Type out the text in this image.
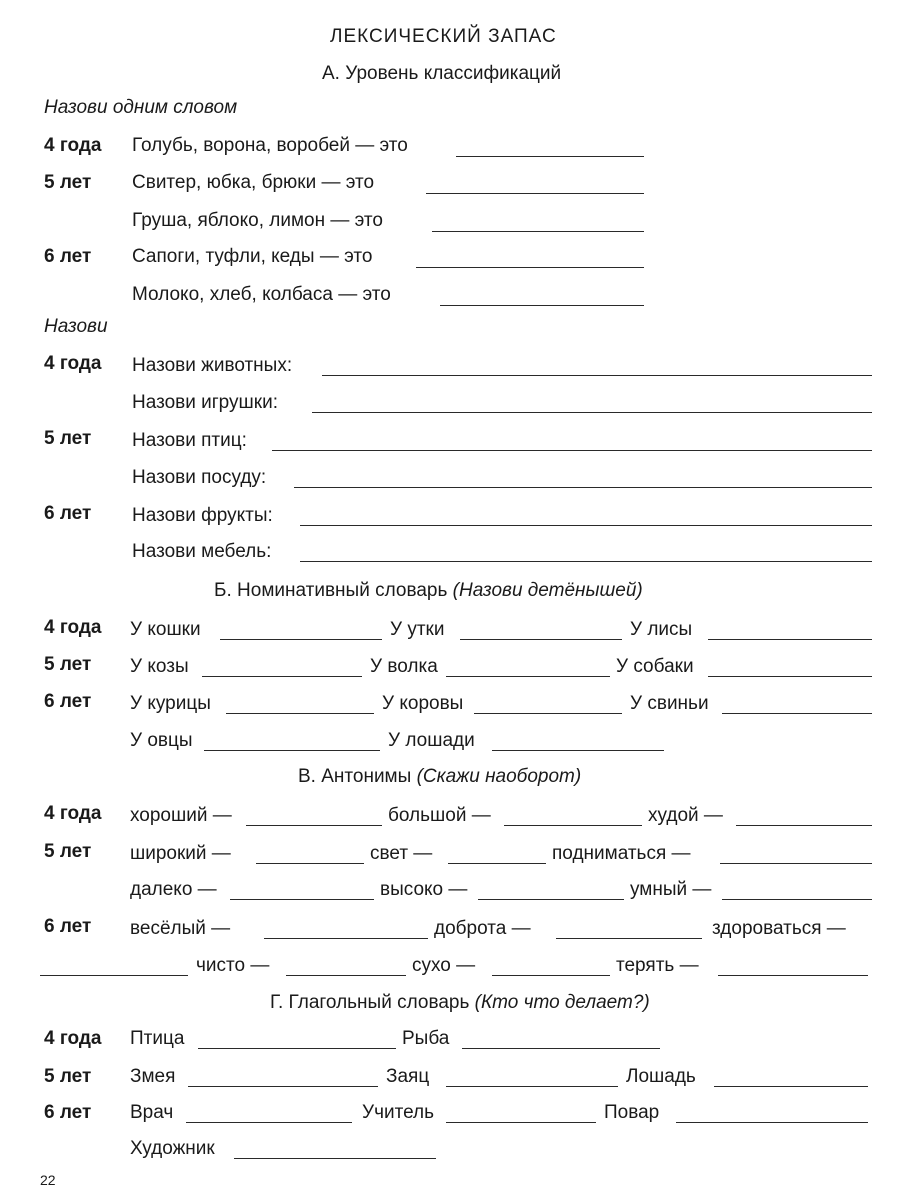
ЛЕКСИЧЕСКИЙ ЗАПАС
А. Уровень классификаций
Назови одним словом
4 года Голубь, ворона, воробей — это
5 лет Свитер, юбка, брюки — это
Груша, яблоко, лимон — это
6 лет Сапоги, туфли, кеды — это
Молоко, хлеб, колбаса — это
Назови
4 года Назови животных:
Назови игрушки:
5 лет Назови птиц:
Назови посуду:
6 лет Назови фрукты:
Назови мебель:
Б. Номинативный словарь (Назови детёнышей)
4 года У кошки	У утки	У лисы
5 лет У козы	У волка	У собаки
6 лет У курицы	У коровы	У свиньи
У овцы	У лошади
В. Антонимы (Скажи наоборот)
4 года хороший —	большой —	худой —
5 лет широкий —	свет —	подниматься —
далеко —	высоко —	умный —
6 лет весёлый —	доброта —	здороваться —
чисто —	сухо —	терять —
Г. Глагольный словарь (Кто что делает?)
4 года Птица	Рыба
5 лет Змея	Заяц	Лошадь
6 лет Врач	Учитель	Повар
Художник
22
